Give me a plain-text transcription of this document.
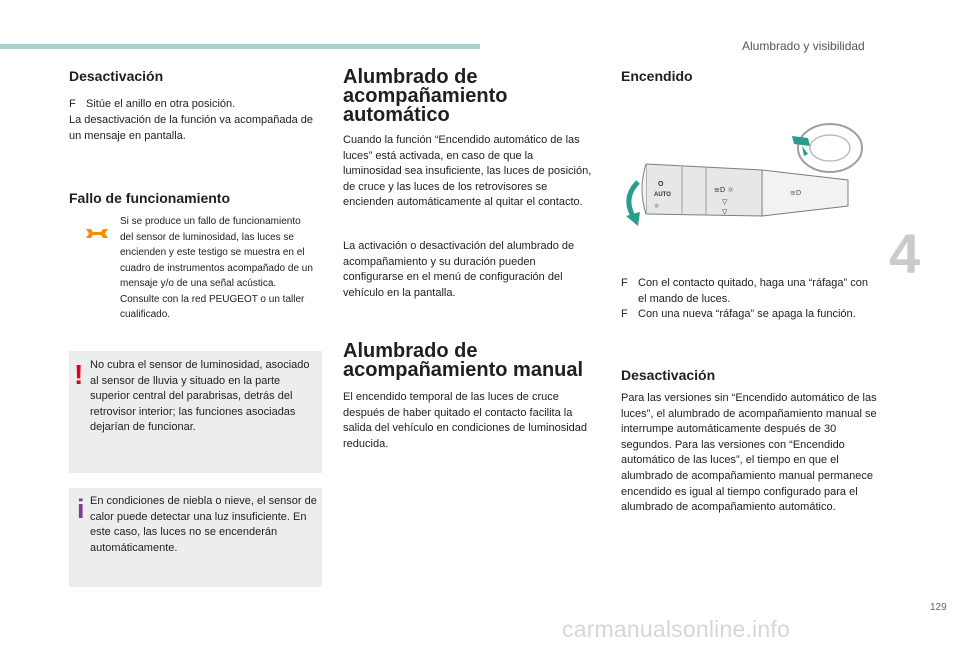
Alumbrado y visibilidad
4
Desactivación
F Sitúe el anillo en otra posición.

La desactivación de la función va acompañada de un mensaje en pantalla.

Fallo de funcionamiento

Si se produce un fallo de funcionamiento del sensor de luminosidad, las luces se encienden y este testigo se muestra en el cuadro de instrumentos acompañado de un mensaje y/o de una señal acústica. Consulte con la red PEUGEOT o un taller cualificado.

! No cubra el sensor de luminosidad, asociado al sensor de lluvia y situado en la parte superior central del parabrisas, detrás del retrovisor interior; las funciones asociadas dejarían de funcionar.

i En condiciones de niebla o nieve, el sensor de calor puede detectar una luz insuficiente. En este caso, las luces no se encenderán automáticamente.

Alumbrado de acompañamiento automático

Cuando la función “Encendido automático de las luces” está activada, en caso de que la luminosidad sea insuficiente, las luces de posición, de cruce y las luces de los retrovisores se encienden automáticamente al quitar el contacto.

La activación o desactivación del alumbrado de acompañamiento y su duración pueden configurarse en el menú de configuración del vehículo en la pantalla.

Alumbrado de acompañamiento manual

El encendido temporal de las luces de cruce después de haber quitado el contacto facilita la salida del vehículo en condiciones de luminosidad reducida.

Encendido
O
AUTO
☼
≡D ☼
▽
▽
≡D
F Con el contacto quitado, haga una “ráfaga” con el mando de luces.
F Con una nueva “ráfaga” se apaga la función.
Desactivación

Para las versiones sin “Encendido automático de las luces”, el alumbrado de acompañamiento manual se interrumpe automáticamente después de 30 segundos. Para las versiones con “Encendido automático de las luces”, el tiempo en que el alumbrado de acompañamiento manual permanece encendido es igual al tiempo configurado para el alumbrado de acompañamiento automático.

129
carmanualsonline.info
